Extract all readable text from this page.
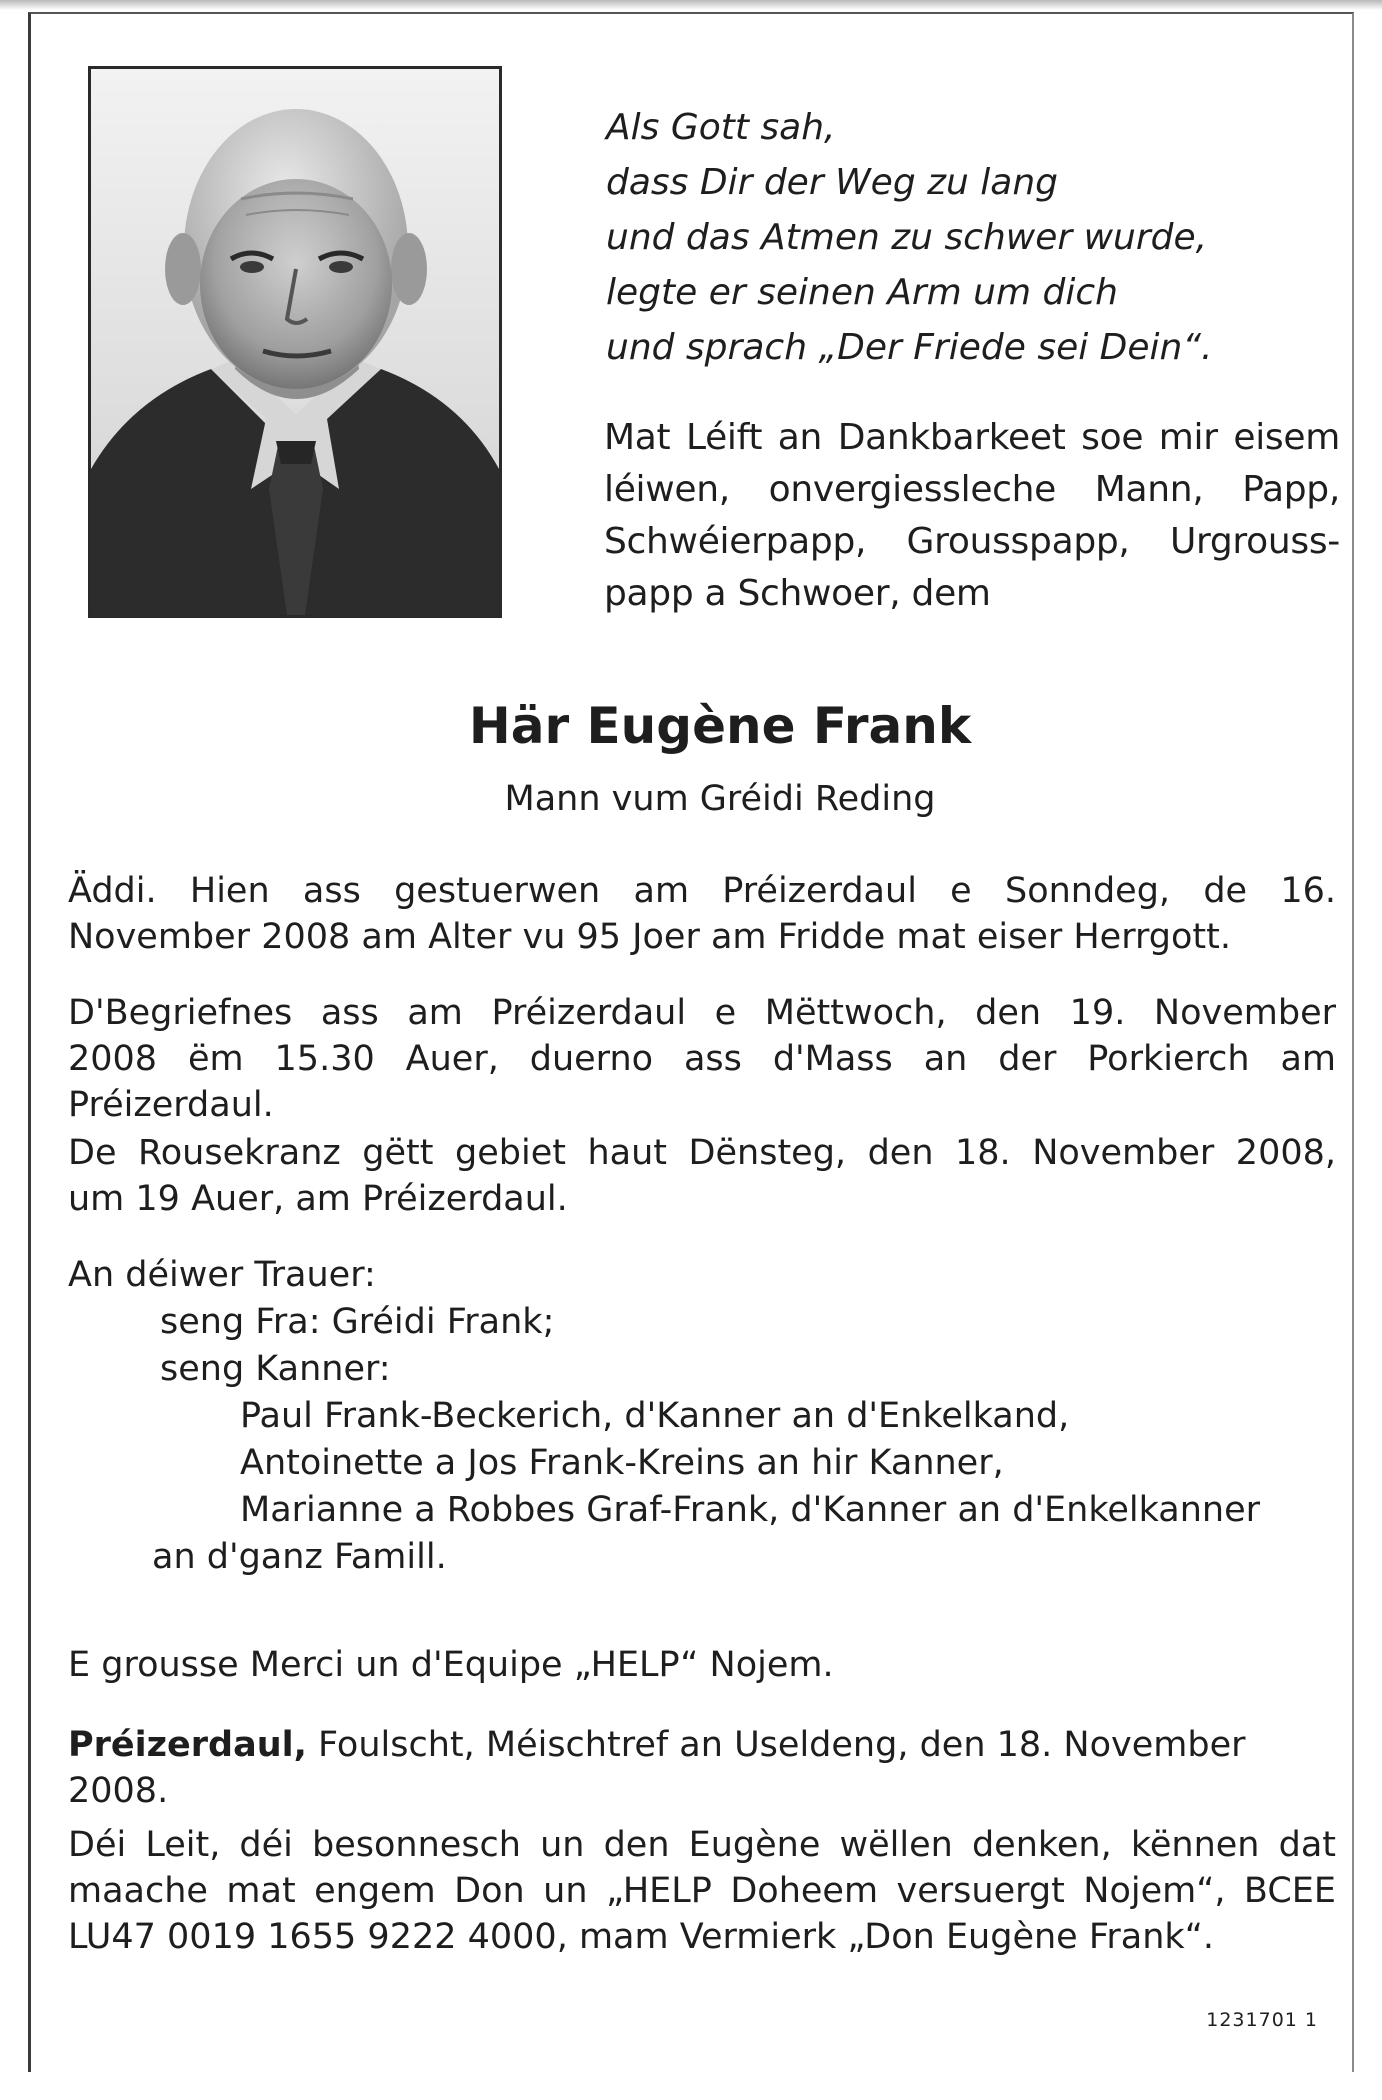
Als Gott sah,
dass Dir der Weg zu lang
und das Atmen zu schwer wurde,
legte er seinen Arm um dich
und sprach „Der Friede sei Dein“.
Mat Léift an Dankbarkeet soe mir eisem
léiwen, onvergiessleche Mann, Papp,
Schwéierpapp, Grousspapp, Urgrouss-
papp a Schwoer, dem
Här Eugène Frank
Mann vum Gréidi Reding
Äddi. Hien ass gestuerwen am Préizerdaul e Sonndeg, de 16.
November 2008 am Alter vu 95 Joer am Fridde mat eiser Herrgott.
D'Begriefnes ass am Préizerdaul e Mëttwoch, den 19. November
2008 ëm 15.30 Auer, duerno ass d'Mass an der Porkierch am
Préizerdaul.
De Rousekranz gëtt gebiet haut Dënsteg, den 18. November 2008,
um 19 Auer, am Préizerdaul.
An déiwer Trauer:
seng Fra: Gréidi Frank;
seng Kanner:
Paul Frank-Beckerich, d'Kanner an d'Enkelkand,
Antoinette a Jos Frank-Kreins an hir Kanner,
Marianne a Robbes Graf-Frank, d'Kanner an d'Enkelkanner
an d'ganz Famill.
E grousse Merci un d'Equipe „HELP“ Nojem.
Préizerdaul, Foulscht, Méischtref an Useldeng, den 18. November
2008.
Déi Leit, déi besonnesch un den Eugène wëllen denken, kënnen dat
maache mat engem Don un „HELP Doheem versuergt Nojem“, BCEE
LU47 0019 1655 9222 4000, mam Vermierk „Don Eugène Frank“.
1231701 1
